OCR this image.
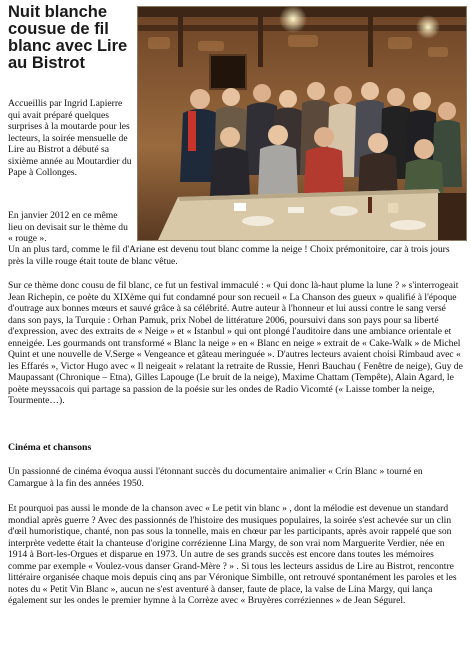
Nuit blanche cousue de fil blanc avec Lire au Bistrot

Accueillis par Ingrid Lapierre qui avait préparé quelques surprises à la moutarde pour les lecteurs, la soirée mensuelle de Lire au Bistrot a débuté sa sixième année au Moutardier du Pape à Collonges.

En janvier 2012 en ce même lieu on devisait sur le thème du « rouge ».

Un an plus tard, comme le fil d'Ariane est devenu tout blanc comme la neige ! Choix prémonitoire, car à trois jours près la ville rouge était toute de blanc vêtue.

Sur ce thème donc cousu de fil blanc, ce fut un festival immaculé : « Qui donc là-haut plume la lune ? » s'interrogeait Jean Richepin, ce poète du XIXème qui fut condamné pour son recueil « La Chanson des gueux » qualifié à l'époque d'outrage aux bonnes mœurs et sauvé grâce à sa célébrité. Autre auteur à l'honneur et lui aussi contre le sang versé dans son pays, la Turquie : Orhan Pamuk, prix Nobel de littérature 2006, poursuivi dans son pays pour sa liberté d'expression, avec des extraits de « Neige » et « Istanbul » qui ont plongé l'auditoire dans une ambiance orientale et enneigée. Les gourmands ont transformé « Blanc la neige » en « Blanc en neige » extrait de « Cake-Walk » de Michel Quint et une nouvelle de V.Serge « Vengeance et gâteau meringuée ». D'autres lecteurs avaient choisi Rimbaud avec « les Effarés », Victor Hugo avec « Il neigeait » relatant la retraite de Russie, Henri Bauchau ( Fenêtre de neige), Guy de Maupassant (Chronique – Etna), Gilles Lapouge (Le bruit de la neige), Maxime Chattam (Tempête), Alain Agard, le poète meyssacois qui partage sa passion de la poésie sur les ondes de Radio Vicomté (« Laisse tomber la neige, Tourmente…).

Cinéma et chansons

Un passionné de cinéma évoqua aussi l'étonnant succès du documentaire animalier « Crin Blanc » tourné en Camargue à la fin des années 1950.

Et pourquoi pas aussi le monde de la chanson avec « Le petit vin blanc » , dont la mélodie est devenue un standard mondial après guerre ? Avec des passionnés de l'histoire des musiques populaires, la soirée s'est achevée sur un clin d'œil humoristique, chanté, non pas sous la tonnelle, mais en chœur par les participants, après avoir rappelé que son interprète vedette était la chanteuse d'origine corrézienne Lina Margy, de son vrai nom Marguerite Verdier, née en 1914 à Bort-les-Orgues et disparue en 1973. Un autre de ses grands succès est encore dans toutes les mémoires comme par exemple « Voulez-vous danser Grand-Mère ? » . Si tous les lecteurs assidus de Lire au Bistrot, rencontre littéraire organisée chaque mois depuis cinq ans par Véronique Simbille, ont retrouvé spontanément les paroles et les notes du « Petit Vin Blanc », aucun ne s'est aventuré à danser, faute de place, la valse de Lina Margy, qui lança également sur les ondes le premier hymne à la Corrèze avec « Bruyères corréziennes » de Jean Ségurel.
